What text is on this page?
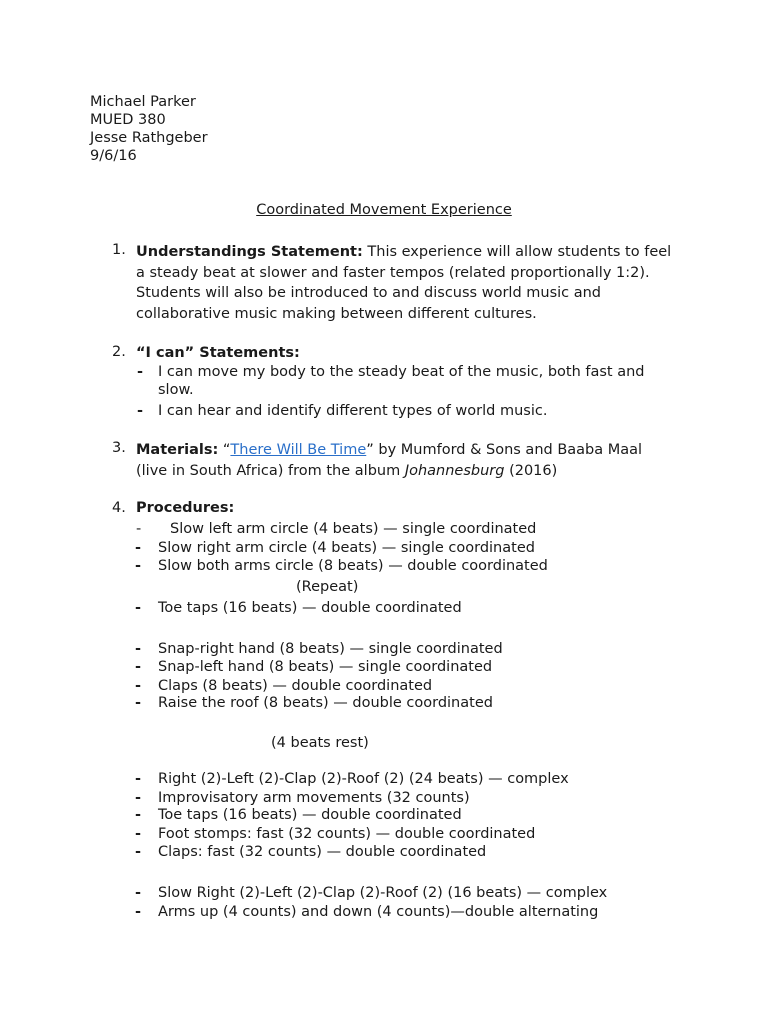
Michael Parker
MUED 380
Jesse Rathgeber
9/6/16
Coordinated Movement Experience
1. Understandings Statement: This experience will allow students to feel a steady beat at slower and faster tempos (related proportionally 1:2). Students will also be introduced to and discuss world music and collaborative music making between different cultures.
2. “I can” Statements:
- I can move my body to the steady beat of the music, both fast and slow.
- I can hear and identify different types of world music.
3. Materials: “There Will Be Time” by Mumford & Sons and Baaba Maal (live in South Africa) from the album Johannesburg (2016)
4. Procedures:
- Slow left arm circle (4 beats) — single coordinated
- Slow right arm circle (4 beats) — single coordinated
- Slow both arms circle (8 beats) — double coordinated
(Repeat)
- Toe taps (16 beats) — double coordinated
- Snap-right hand (8 beats) — single coordinated
- Snap-left hand (8 beats) — single coordinated
- Claps (8 beats) — double coordinated
- Raise the roof (8 beats) — double coordinated
(4 beats rest)
- Right (2)-Left (2)-Clap (2)-Roof (2) (24 beats) — complex
- Improvisatory arm movements (32 counts)
- Toe taps (16 beats) — double coordinated
- Foot stomps: fast (32 counts) — double coordinated
- Claps: fast (32 counts) — double coordinated
- Slow Right (2)-Left (2)-Clap (2)-Roof (2) (16 beats) — complex
- Arms up (4 counts) and down (4 counts)—double alternating
